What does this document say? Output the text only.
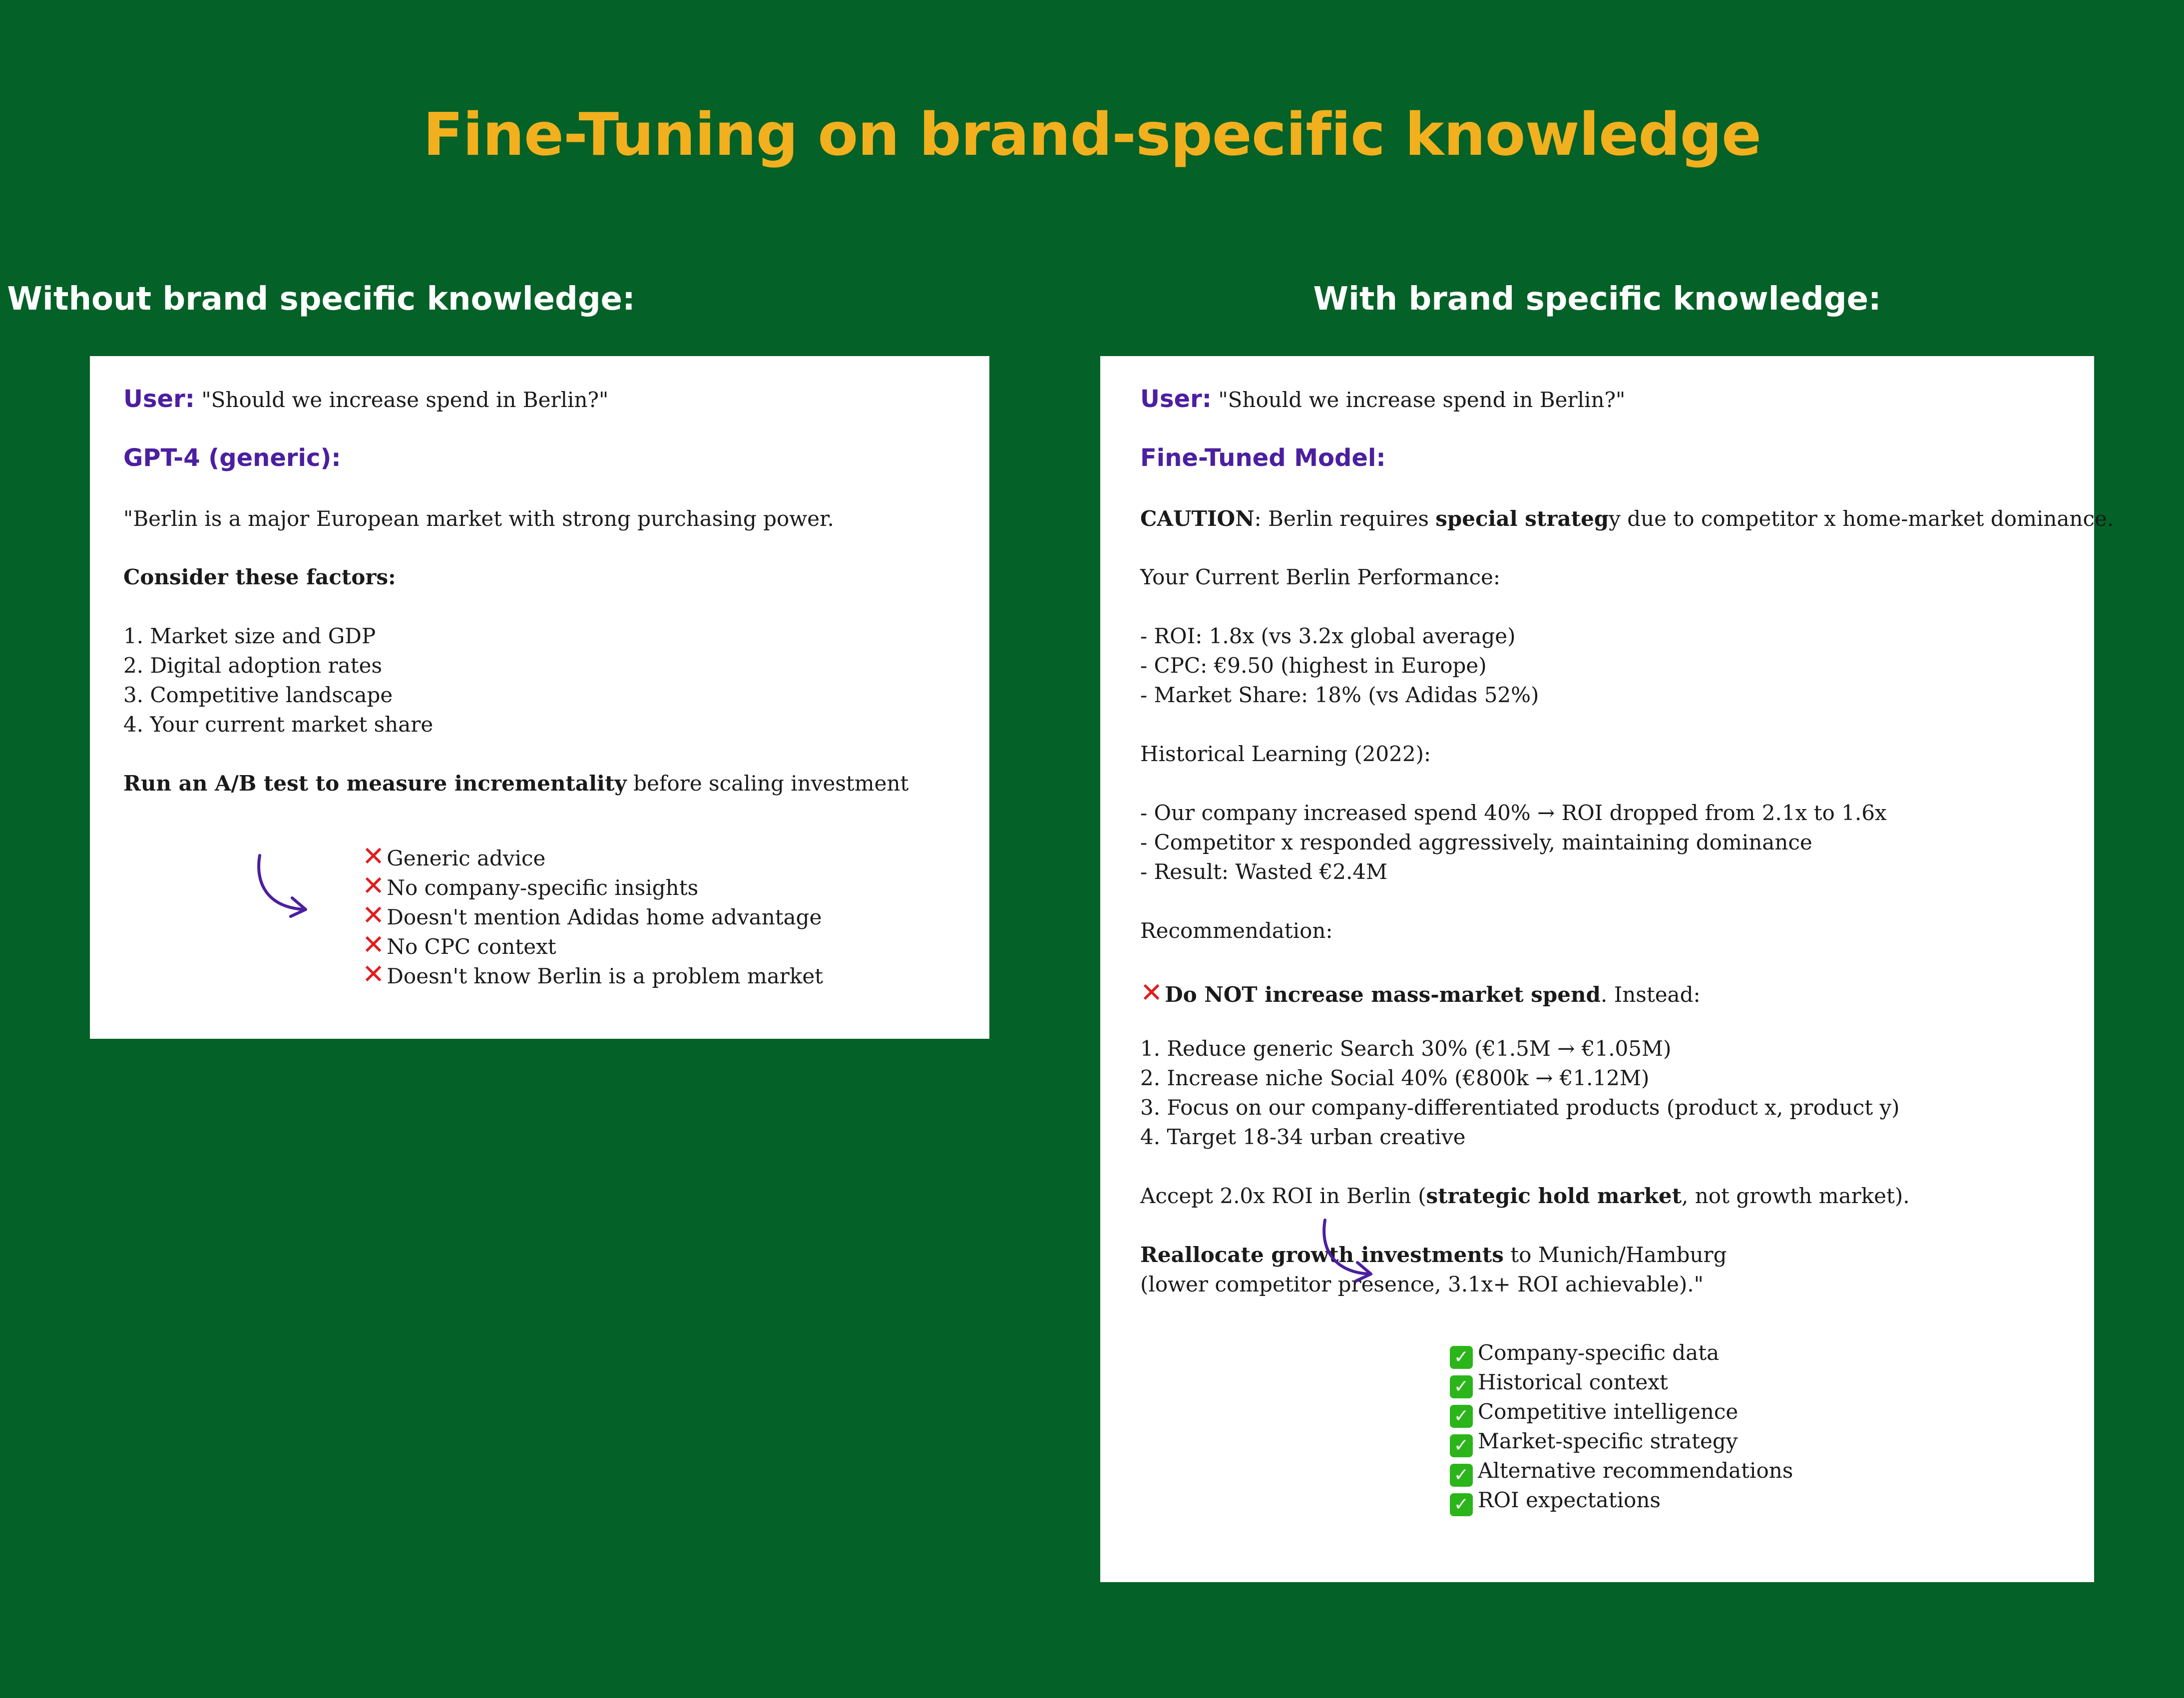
Fine-Tuning on brand-specific knowledge
Without brand specific knowledge:	With brand specific knowledge:
User: "Should we increase spend in Berlin?"
GPT-4 (generic):
"Berlin is a major European market with strong purchasing power.
Consider these factors:
1. Market size and GDP
2. Digital adoption rates
3. Competitive landscape
4. Your current market share
Run an A/B test to measure incrementality before scaling investment
✕Generic advice
✕No company-specific insights
✕Doesn't mention Adidas home advantage
✕No CPC context
✕Doesn't know Berlin is a problem market
User: "Should we increase spend in Berlin?"
Fine-Tuned Model:
CAUTION: Berlin requires special strategy due to competitor x home-market dominance.
Your Current Berlin Performance:
- ROI: 1.8x (vs 3.2x global average)
- CPC: €9.50 (highest in Europe)
- Market Share: 18% (vs Adidas 52%)
Historical Learning (2022):
- Our company increased spend 40% → ROI dropped from 2.1x to 1.6x
- Competitor x responded aggressively, maintaining dominance
- Result: Wasted €2.4M
Recommendation:
✕Do NOT increase mass-market spend. Instead:
1. Reduce generic Search 30% (€1.5M → €1.05M)
2. Increase niche Social 40% (€800k → €1.12M)
3. Focus on our company-differentiated products (product x, product y)
4. Target 18-34 urban creative
Accept 2.0x ROI in Berlin (strategic hold market, not growth market).
Reallocate growth investments to Munich/Hamburg
(lower competitor presence, 3.1x+ ROI achievable)."
✓ Company-specific data
✓ Historical context
✓ Competitive intelligence
✓ Market-specific strategy
✓ Alternative recommendations
✓ ROI expectations
